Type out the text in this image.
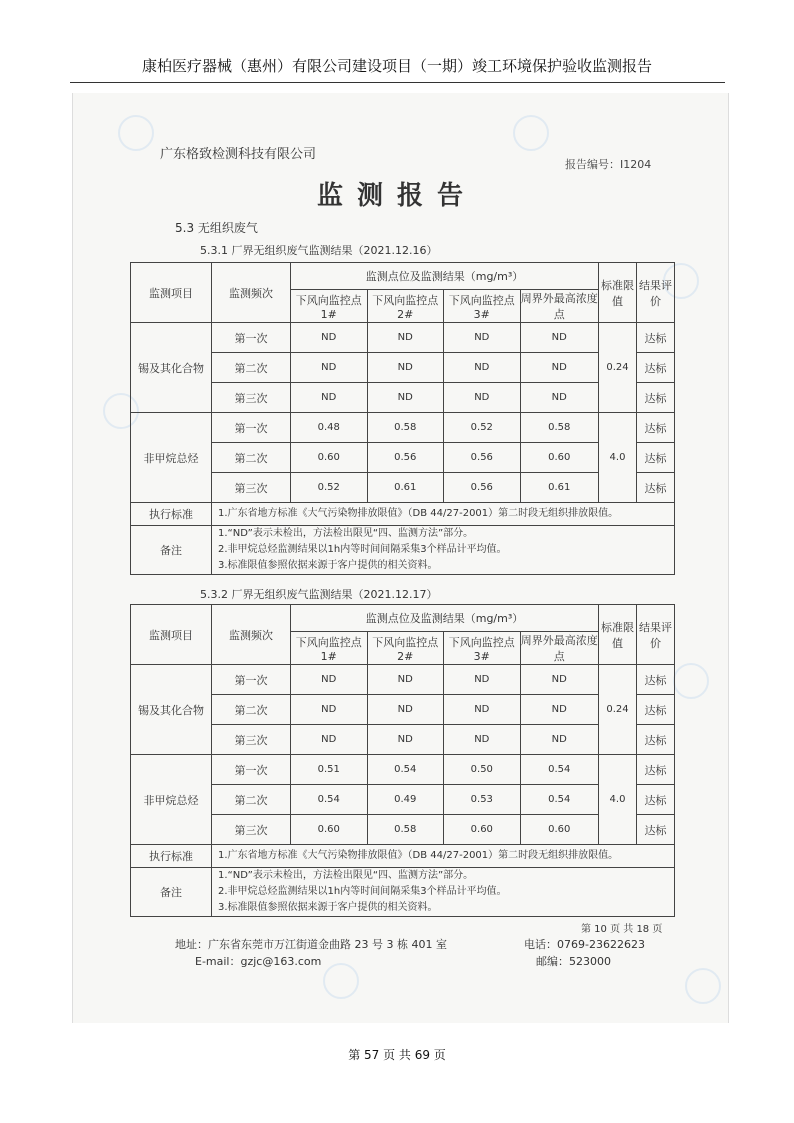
康柏医疗器械（惠州）有限公司建设项目（一期）竣工环境保护验收监测报告
广东格致检测科技有限公司
报告编号：I1204
监测报告
5.3 无组织废气
5.3.1 厂界无组织废气监测结果（2021.12.16）
5.3.2 厂界无组织废气监测结果（2021.12.17）
监测项目	监测频次	监测点位及监测结果（mg/m³）				标准限值	结果评价
		下风向监控点 1#	下风向监控点 2#	下风向监控点 3#	周界外最高浓度点		
锡及其化合物	第一次	ND	ND	ND	ND	0.24	达标
	第二次	ND	ND	ND	ND		达标
	第三次	ND	ND	ND	ND		达标
非甲烷总烃	第一次	0.48	0.58	0.52	0.58	4.0	达标
	第二次	0.60	0.56	0.56	0.60		达标
	第三次	0.52	0.61	0.56	0.61		达标
执行标准	1.广东省地方标准《大气污染物排放限值》（DB 44/27-2001）第二时段无组织排放限值。						
备注	1.“ND”表示未检出，方法检出限见“四、监测方法”部分。
2.非甲烷总烃监测结果以1h内等时间间隔采集3个样品计平均值。
3.标准限值参照依据来源于客户提供的相关资料。						
监测项目	监测频次	监测点位及监测结果（mg/m³）				标准限值	结果评价
		下风向监控点 1#	下风向监控点 2#	下风向监控点 3#	周界外最高浓度点		
锡及其化合物	第一次	ND	ND	ND	ND	0.24	达标
	第二次	ND	ND	ND	ND		达标
	第三次	ND	ND	ND	ND		达标
非甲烷总烃	第一次	0.51	0.54	0.50	0.54	4.0	达标
	第二次	0.54	0.49	0.53	0.54		达标
	第三次	0.60	0.58	0.60	0.60		达标
执行标准	1.广东省地方标准《大气污染物排放限值》（DB 44/27-2001）第二时段无组织排放限值。						
备注	1.“ND”表示未检出，方法检出限见“四、监测方法”部分。
2.非甲烷总烃监测结果以1h内等时间间隔采集3个样品计平均值。
3.标准限值参照依据来源于客户提供的相关资料。						
第 10 页 共 18 页
地址：广东省东莞市万江街道金曲路 23 号 3 栋 401 室
E-mail：gzjc@163.com
电话：0769-23622623
邮编：523000
第 57 页 共 69 页
